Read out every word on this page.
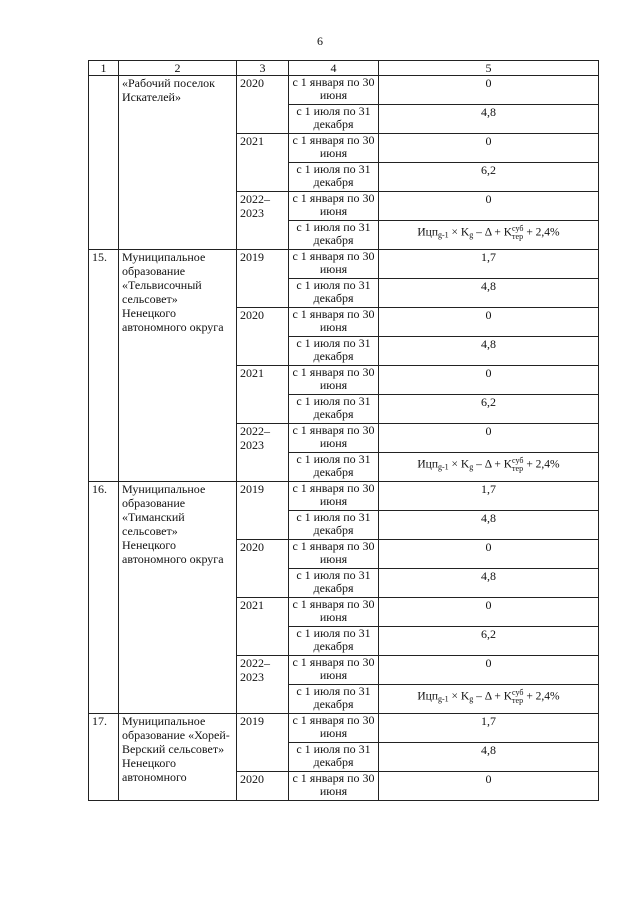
6
1	2	3	4	5
	«Рабочий поселок Искателей»	2020	с 1 января по 30 июня	0
			с 1 июля по 31 декабря	4,8
		2021	с 1 января по 30 июня	0
			с 1 июля по 31 декабря	6,2
		2022–2023	с 1 января по 30 июня	0
			с 1 июля по 31 декабря	Ицпg-1 × Kg – Δ + K суб
тер + 2,4%
15.	Муниципальное образование «Тельвисочный сельсовет» Ненецкого автономного округа	2019	с 1 января по 30 июня	1,7
			с 1 июля по 31 декабря	4,8
		2020	с 1 января по 30 июня	0
			с 1 июля по 31 декабря	4,8
		2021	с 1 января по 30 июня	0
			с 1 июля по 31 декабря	6,2
		2022–2023	с 1 января по 30 июня	0
			с 1 июля по 31 декабря	Ицпg-1 × Kg – Δ + K суб
тер + 2,4%
16.	Муниципальное образование «Тиманский сельсовет» Ненецкого автономного округа	2019	с 1 января по 30 июня	1,7
			с 1 июля по 31 декабря	4,8
		2020	с 1 января по 30 июня	0
			с 1 июля по 31 декабря	4,8
		2021	с 1 января по 30 июня	0
			с 1 июля по 31 декабря	6,2
		2022–2023	с 1 января по 30 июня	0
			с 1 июля по 31 декабря	Ицпg-1 × Kg – Δ + K суб
тер + 2,4%
17.	Муниципальное образование «Хорей-Верский сельсовет» Ненецкого автономного	2019	с 1 января по 30 июня	1,7
			с 1 июля по 31 декабря	4,8
		2020	с 1 января по 30 июня	0
